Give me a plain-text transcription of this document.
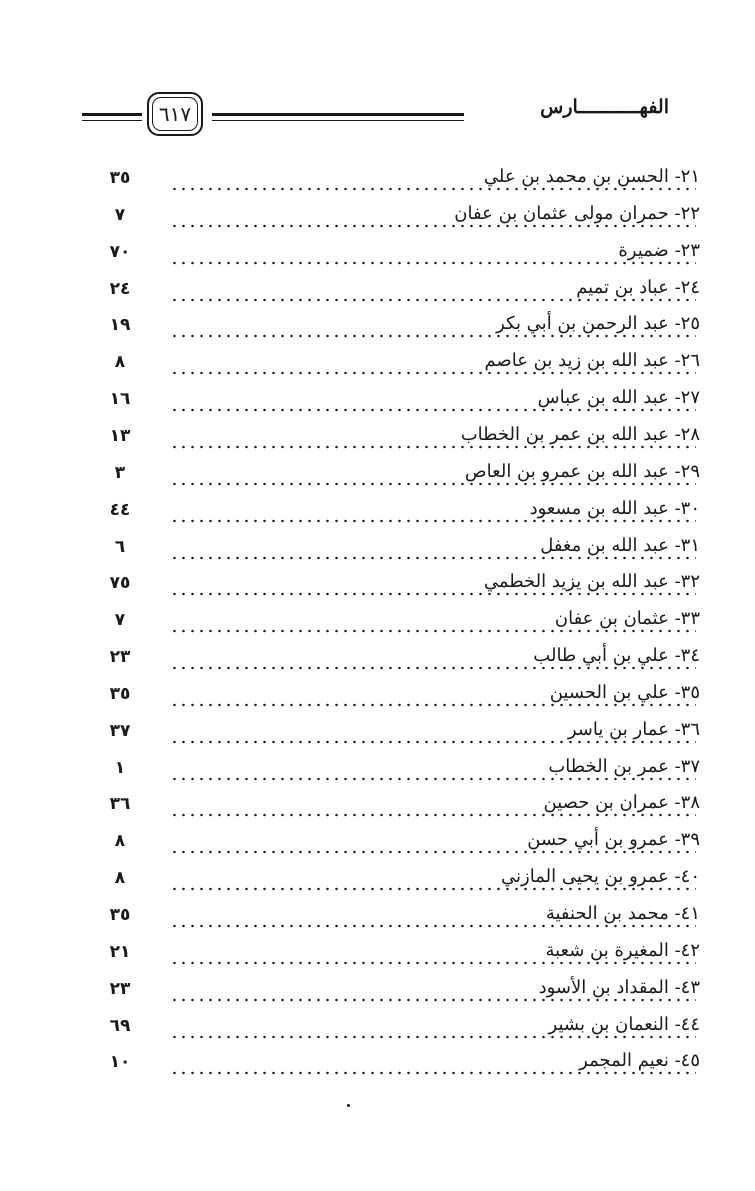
الفهـــــــــــارس
٦١٧
٣٥	٢١- الحسن بن محمد بن علي
٧	٢٢- حمران مولى عثمان بن عفان
٧٠	٢٣- ضميرة
٢٤	٢٤- عباد بن تميم
١٩	٢٥- عبد الرحمن بن أبي بكر
٨	٢٦- عبد الله بن زيد بن عاصم
١٦	٢٧- عبد الله بن عباس
١٣	٢٨- عبد الله بن عمر بن الخطاب
٣	٢٩- عبد الله بن عمرو بن العاص
٤٤	٣٠- عبد الله بن مسعود
٦	٣١- عبد الله بن مغفل
٧٥	٣٢- عبد الله بن يزيد الخطمي
٧	٣٣- عثمان بن عفان
٢٣	٣٤- علي بن أبي طالب
٣٥	٣٥- علي بن الحسين
٣٧	٣٦- عمار بن ياسر
١	٣٧- عمر بن الخطاب
٣٦	٣٨- عمران بن حصين
٨	٣٩- عمرو بن أبي حسن
٨	٤٠- عمرو بن يحيى المازني
٣٥	٤١- محمد بن الحنفية
٢١	٤٢- المغيرة بن شعبة
٢٣	٤٣- المقداد بن الأسود
٦٩	٤٤- النعمان بن بشير
١٠	٤٥- نعيم المجمر
